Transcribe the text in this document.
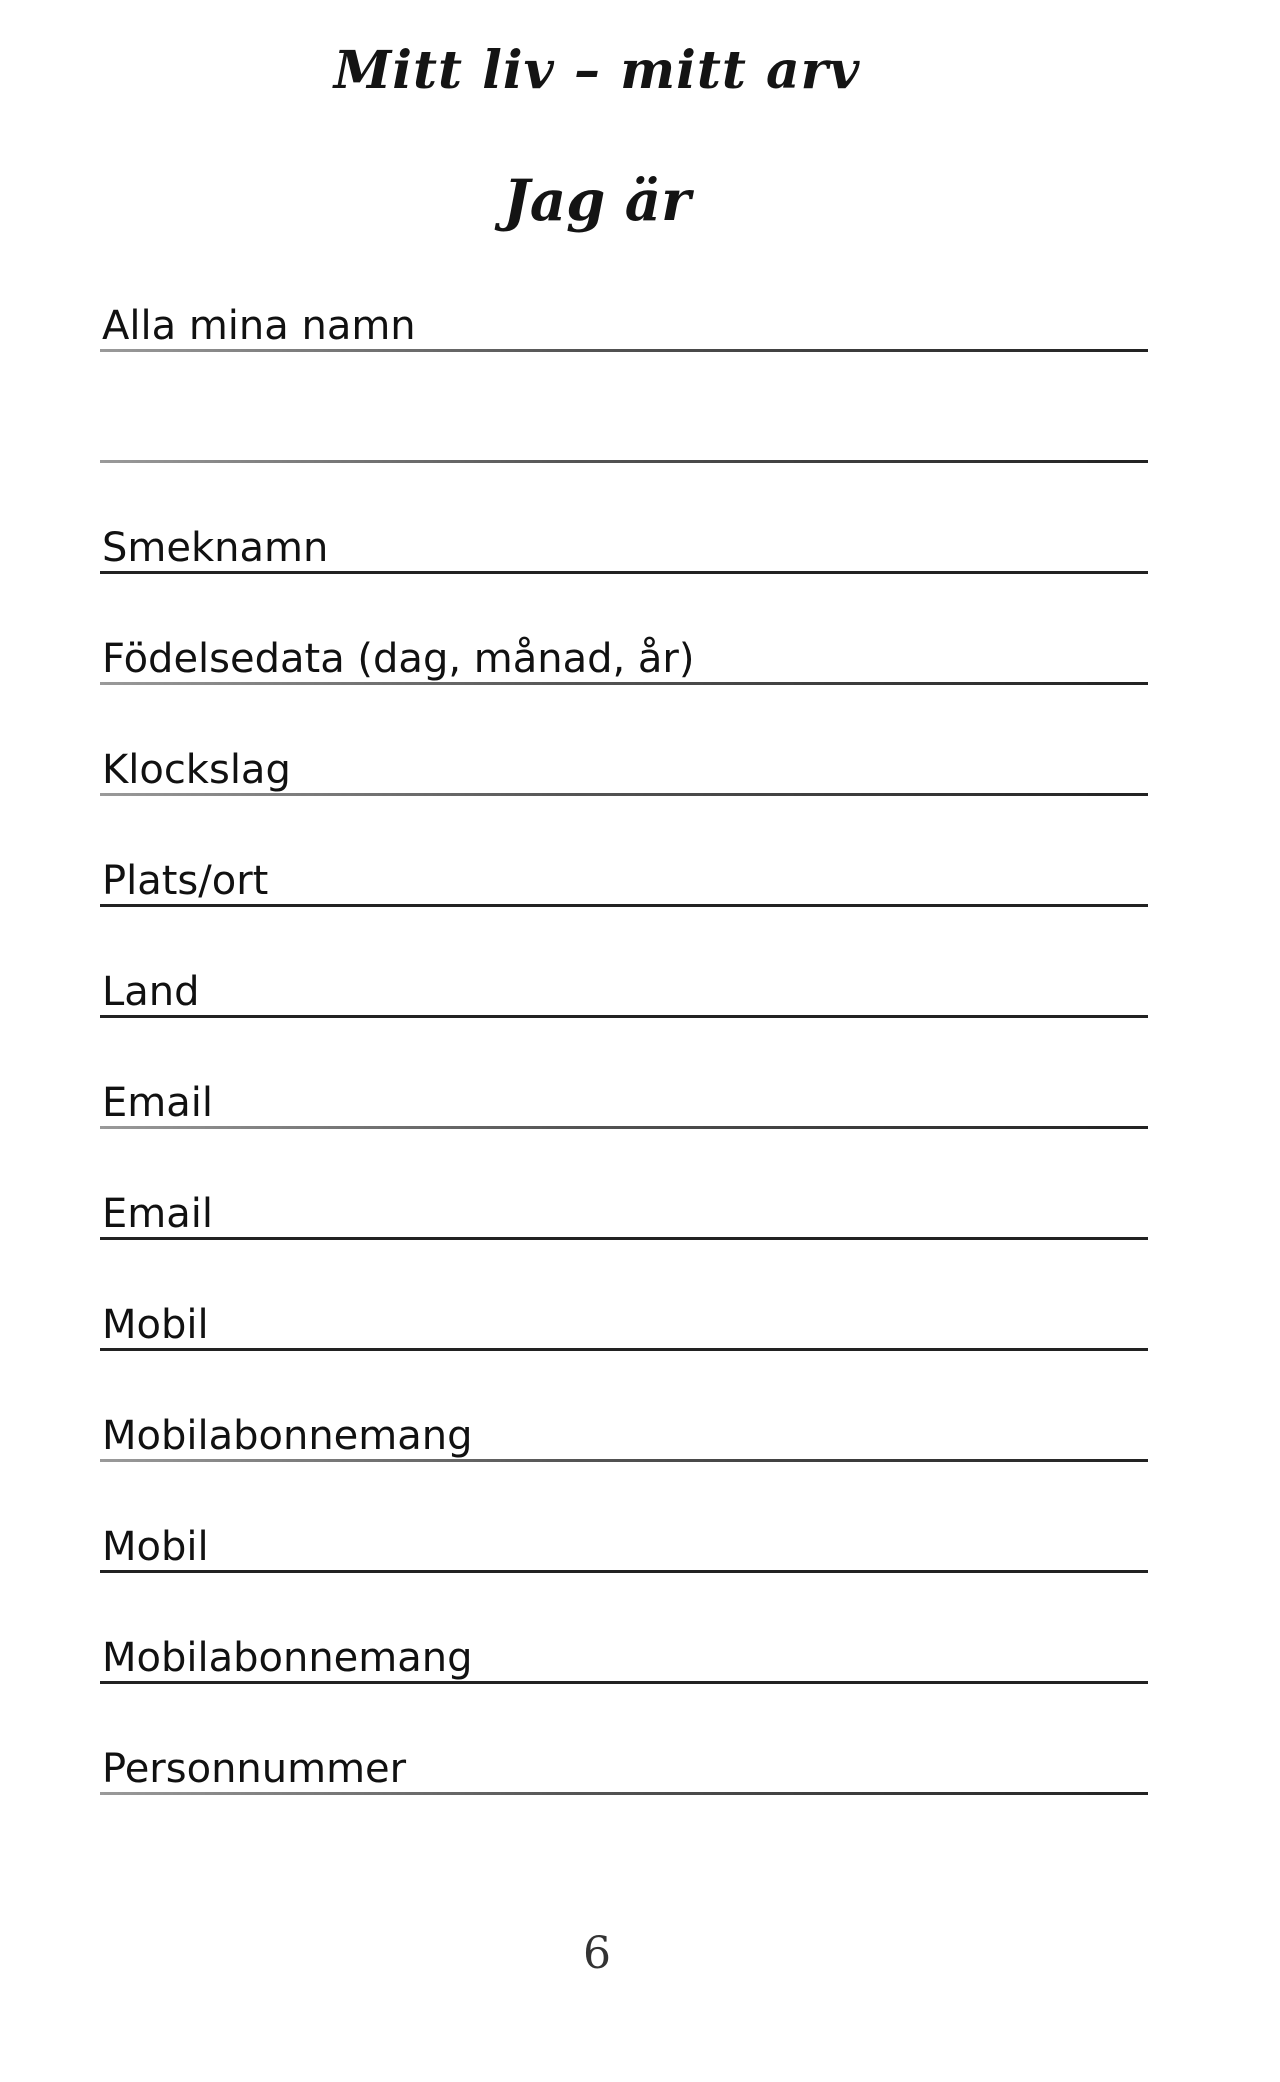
Mitt liv – mitt arv
Jag är
Alla mina namn
Smeknamn
Födelsedata (dag, månad, år)
Klockslag
Plats/ort
Land
Email
Email
Mobil
Mobilabonnemang
Mobil
Mobilabonnemang
Personnummer
6
